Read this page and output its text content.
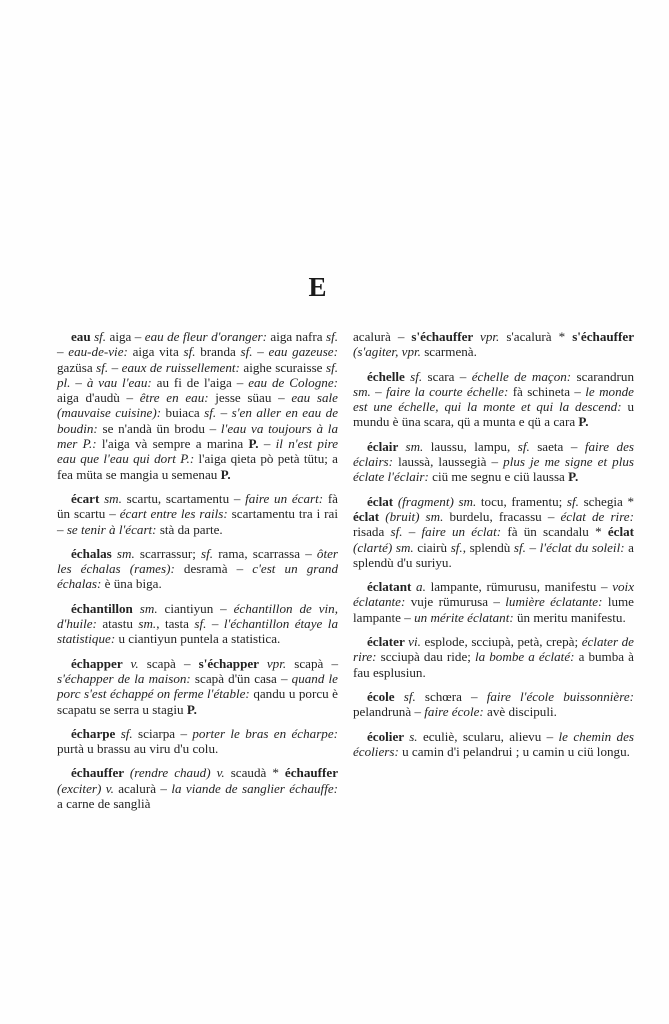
E

eau sf. aiga – eau de fleur d'oranger: aiga nafra sf. – eau-de-vie: aiga vita sf. branda sf. – eau gazeuse: gazüsa sf. – eaux de ruissellement: aighe scuraisse sf. pl. – à vau l'eau: au fi de l'aiga – eau de Cologne: aiga d'audù – être en eau: jesse süau – eau sale (mauvaise cuisine): buiaca sf. – s'en aller en eau de boudin: se n'andà ün brodu – l'eau va toujours à la mer P.: l'aiga và sempre a marina P. – il n'est pire eau que l'eau qui dort P.: l'aiga qieta pò petà tütu; a fea müta se mangia u semenau P.

écart sm. scartu, scartamentu – faire un écart: fà ün scartu – écart entre les rails: scartamentu tra i rai – se tenir à l'écart: stà da parte.

échalas sm. scarrassur; sf. rama, scarrassa – ôter les échalas (rames): desramà – c'est un grand échalas: è üna biga.

échantillon sm. ciantiyun – échantillon de vin, d'huile: atastu sm., tasta sf. – l'échantillon étaye la statistique: u ciantiyun puntela a statistica.

échapper v. scapà – s'échapper vpr. scapà – s'échapper de la maison: scapà d'ün casa – quand le porc s'est échappé on ferme l'étable: qandu u porcu è scapatu se serra u stagiu P.

écharpe sf. sciarpa – porter le bras en écharpe: purtà u brassu au viru d'u colu.

échauffer (rendre chaud) v. scaudà * échauffer (exciter) v. acalurà – la viande de sanglier échauffe: a carne de sanglià

acalurà – s'échauffer vpr. s'acalurà * s'échauffer (s'agiter, vpr. scarmenà.

échelle sf. scara – échelle de maçon: scarandrun sm. – faire la courte échelle: fà schineta – le monde est une échelle, qui la monte et qui la descend: u mundu è üna scara, qü a munta e qü a cara P.

éclair sm. laussu, lampu, sf. saeta – faire des éclairs: laussà, laussegià – plus je me signe et plus éclate l'éclair: ciü me segnu e ciü laussa P.

éclat (fragment) sm. tocu, framentu; sf. schegia * éclat (bruit) sm. burdelu, fracassu – éclat de rire: risada sf. – faire un éclat: fà ün scandalu * éclat (clarté) sm. ciairù sf., splendù sf. – l'éclat du soleil: a splendù d'u suriyu.

éclatant a. lampante, rümurusu, manifestu – voix éclatante: vuje rümurusa – lumière éclatante: lume lampante – un mérite éclatant: ün meritu manifestu.

éclater vi. esplode, scciupà, petà, crepà; éclater de rire: scciupà dau ride; la bombe a éclaté: a bumba à fau esplusiun.

école sf. schœra – faire l'école buissonnière: pelandrunà – faire école: avè discipuli.

écolier s. eculiè, scularu, alievu – le chemin des écoliers: u camin d'i pelandrui ; u camin u ciü longu.
